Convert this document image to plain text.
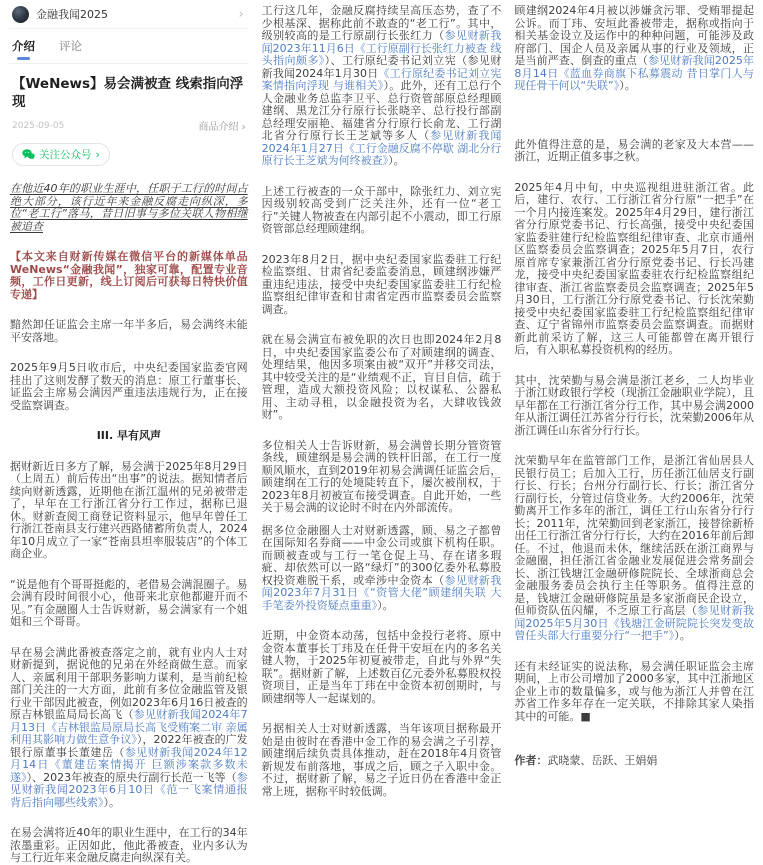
金融我闻2025	›
介绍 评论
【WeNews】易会满被查 线索指向浮现
2025-09-05	商品介绍 ›
关注公众号 ›

在他近40年的职业生涯中，任职于工行的时间占绝大部分，该行近年来金融反腐走向纵深，多位“老工行”落马，昔日旧事与多位关联人物相继被追查

【本文来自财新传媒在微信平台的新媒体单品 WeNews“金融我闻”，独家可靠，配置专业音频，工作日更新，线上订阅后可获每日特快价值专递】

黯然卸任证监会主席一年半多后，易会满终未能平安落地。

2025年9月5日收市后，中央纪委国家监委官网挂出了这则发酵了数天的消息：原工行董事长、证监会主席易会满因严重违法违规行为，正在接受监察调查。

III. 早有风声

据财新近日多方了解，易会满于2025年8月29日（上周五）前后传出“出事”的说法。据知情者后续向财新透露，近期他在浙江温州的兄弟被带走了，早年在工行浙江省分行工作过，据称已退休。财新查阅工商登记资料显示，他早年曾任工行浙江苍南县支行建兴西路储蓄所负责人，2024年10月成立了一家“苍南县坦率服装店”的个体工商企业。

“说是他有个哥哥挺彪的，老借易会满混圈子。易会满有段时间很小心，他哥来北京他都避开而不见。”有金融圈人士告诉财新，易会满家有一个姐姐和三个哥哥。

早在易会满此番被查落定之前，就有业内人士对财新提到，据说他的兄弟在外经商做生意。而家人、亲属利用干部职务影响力谋利，是当前纪检部门关注的一大方面，此前有多位金融监管及银行业干部因此被查，例如2023年6月16日被查的原吉林银监局局长高飞（参见财新我闻2024年7月13日《吉林银监局原局长高飞受贿案二审 亲属利用其影响力做生意争议》），2022年被查的广发银行原董事长董建岳（参见财新我闻2024年12月14日《董建岳案情揭开 巨额涉案款多数未遂》）、2023年被查的原央行副行长范一飞等（参见财新我闻2023年6月10日《范一飞案情通报 背后指向哪些线索》）。

在易会满将近40年的职业生涯中，在工行的34年浓墨重彩。正因如此，他此番被查，业内多认为与工行近年来金融反腐走向纵深有关。

工行这几年，金融反腐持续呈高压态势，查了不少根基深、据称此前不敢查的“老工行”。其中，级别较高的是工行原副行长张红力（参见财新我闻2023年11月6日《工行原副行长张红力被查 线头指向颇多》）、工行原纪委书记刘立宪（参见财新我闻2024年1月30日《工行原纪委书记刘立宪案情指向浮现 与谁相关》）。此外，还有工总行个人金融业务总监李卫平、总行资管部原总经理顾建纲、黑龙江分行原行长张晓辛、总行投行部副总经理安丽艳、福建省分行原行长俞龙、工行湖北省分行原行长王芝斌等多人（参见财新我闻2024年1月27日《工行金融反腐不停歇 湖北分行原行长王芝斌为何终被查》）。

上述工行被查的一众干部中，除张红力、刘立宪因级别较高受到广泛关注外，还有一位“老工行”关键人物被查在内部引起不小震动，即工行原资管部总经理顾建纲。

2023年8月2日，据中央纪委国家监委驻工行纪检监察组、甘肃省纪委监委消息，顾建纲涉嫌严重违纪违法，接受中央纪委国家监委驻工行纪检监察组纪律审查和甘肃省定西市监察委员会监察调查。

就在易会满宣布被免职的次日也即2024年2月8日，中央纪委国家监委公布了对顾建纲的调查、处理结果，他因多项案由被“双开”并移交司法，其中较受关注的是“业绩观不正，盲目自信，疏于管理，造成大额投资风险；以权谋私、公器私用、主动寻租，以金融投资为名，大肆收钱敛财”。

多位相关人士告诉财新，易会满曾长期分管资管条线，顾建纲是易会满的铁杆旧部，在工行一度顺风顺水，直到2019年初易会满调任证监会后，顾建纲在工行的处境陡转直下，屡次被削权，于2023年8月初被宣布接受调查。自此开始，一些关于易会满的议论时不时在内外部流传。

据多位金融圈人士对财新透露，顾、易之子都曾在国际知名券商——中金公司或旗下机构任职。而顾被查或与工行一笔仓促上马、存在诸多瑕疵、却依然可以一路“绿灯”的300亿委外私募股权投资难脱干系，或牵涉中金资本（参见财新我闻2023年7月31日《“资管大佬”顾建纲失联 大手笔委外投资疑点重重》）。

近期，中金资本动荡，包括中金投行老将、原中金资本董事长丁玮及在任骨干安垣在内的多名关键人物，于2025年初夏被带走，自此与外界“失联”。据财新了解，上述数百亿元委外私募股权投资项目，正是当年丁玮在中金资本初创期时，与顾建纲等人一起谋划的。

另据相关人士对财新透露，当年该项目据称最开始是由彼时在香港中金工作的易会满之子引荐，顾建纲后续负责具体推动，赶在2018年4月资管新规发布前落地，事成之后，顾之子入职中金。不过，据财新了解，易之子近日仍在香港中金正常上班，据称平时较低调。

顾建纲2024年4月被以涉嫌贪污罪、受贿罪提起公诉。而丁玮、安垣此番被带走，据称或指向于相关基金设立及运作中的种种问题，可能涉及政府部门、国企人员及亲属从事的行业及领域，正是当前严查、倒查的重点（参见财新我闻2025年8月14日《蓝血券商旗下私募震动 昔日掌门人与现任骨干何以“失联”》）。

此外值得注意的是，易会满的老家及大本营——浙江，近期正值多事之秋。

2025年4月中旬，中央巡视组进驻浙江省。此后，建行、农行、工行浙江省分行原“一把手”在一个月内接连案发。2025年4月29日，建行浙江省分行原党委书记、行长高强，接受中央纪委国家监委驻建行纪检监察组纪律审查、北京市通州区监察委员会监察调查；2025年5月7日，农行原首席专家兼浙江省分行原党委书记、行长冯建龙，接受中央纪委国家监委驻农行纪检监察组纪律审查、浙江省监察委员会监察调查；2025年5月30日，工行浙江分行原党委书记、行长沈荣勤接受中央纪委国家监委驻工行纪检监察组纪律审查、辽宁省锦州市监察委员会监察调查。而据财新此前采访了解，这三人可能都曾在离开银行后，有入职私募投资机构的经历。

其中，沈荣勤与易会满是浙江老乡，二人均毕业于浙江财政银行学校（现浙江金融职业学院），且早年都在工行浙江省分行工作，其中易会满2000年从浙江调任江苏省分行行长，沈荣勤2006年从浙江调任山东省分行行长。

沈荣勤早年在监管部门工作，是浙江省仙居县人民银行员工；后加入工行，历任浙江仙居支行副行长、行长；台州分行副行长、行长；浙江省分行副行长，分管过信贷业务。大约2006年，沈荣勤离开工作多年的浙江，调任工行山东省分行行长；2011年，沈荣勤回到老家浙江，接替徐新桥出任工行浙江省分行行长，大约在2016年前后卸任。不过，他退而未休，继续活跃在浙江商界与金融圈，担任浙江省金融业发展促进会常务副会长、浙江钱塘江金融研修院院长、全球浙商总会金融服务委员会执行主任等职务。值得注意的是，钱塘江金融研修院虽是多家浙商民企设立，但师资队伍闪耀，不乏原工行高层（参见财新我闻2025年5月30日《钱塘江金研院院长突发变故 曾任头部大行重要分行“一把手”》）。

还有未经证实的说法称，易会满任职证监会主席期间，上市公司增加了2000多家，其中江浙地区企业上市的数量偏多，或与他为浙江人并曾在江苏省工作多年存在一定关联，不排除其家人染指其中的可能。■

作者：武晓蒙、岳跃、王娟娟
